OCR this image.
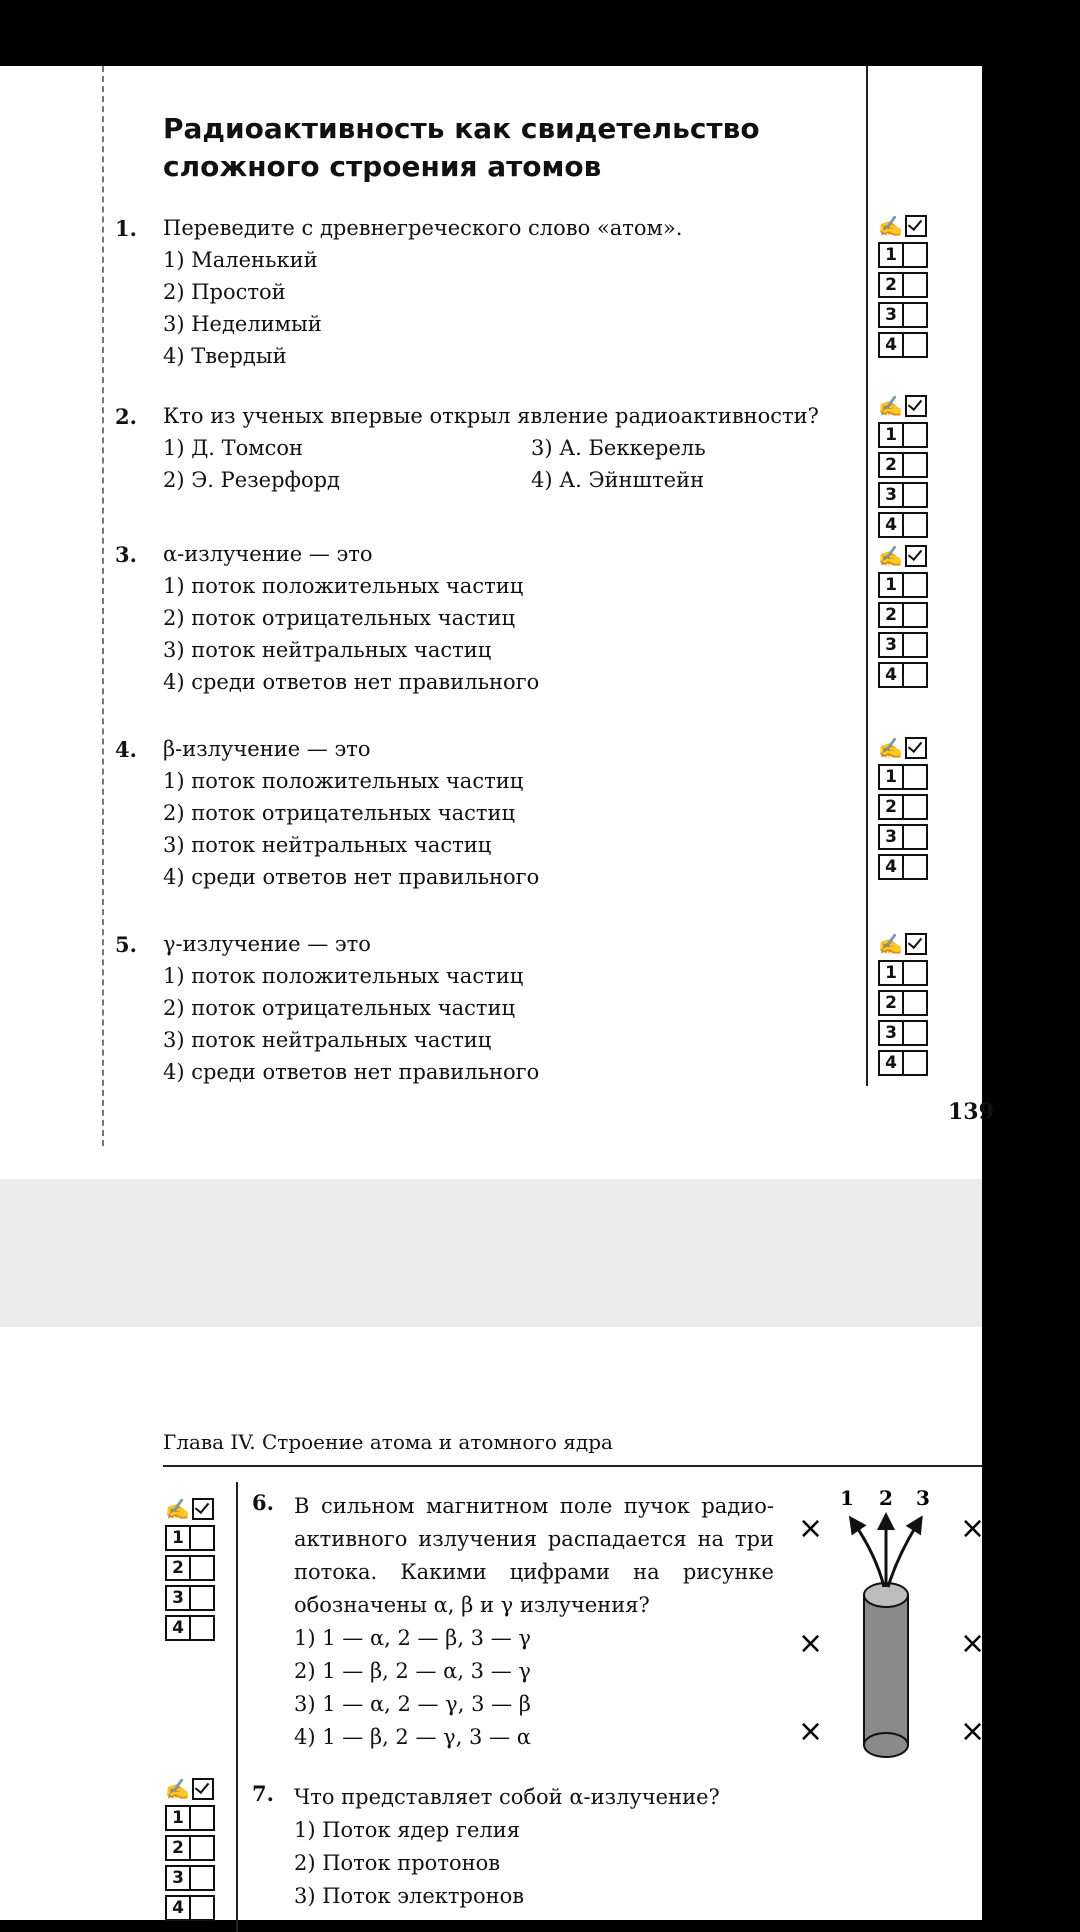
Радиоактивность как свидетельство
сложного строения атомов
1.	Переведите с древнегреческого слово «атом».
1) Маленький
2) Простой
3) Неделимый
4) Твердый
2.	Кто из ученых впервые открыл явление радиоактивности?
1) Д. Томсон	3) А. Беккерель
2) Э. Резерфорд	4) А. Эйнштейн
3.	α-излучение — это
1) поток положительных частиц
2) поток отрицательных частиц
3) поток нейтральных частиц
4) среди ответов нет правильного
4.	β-излучение — это
1) поток положительных частиц
2) поток отрицательных частиц
3) поток нейтральных частиц
4) среди ответов нет правильного
5.	γ-излучение — это
1) поток положительных частиц
2) поток отрицательных частиц
3) поток нейтральных частиц
4) среди ответов нет правильного
✍
1
2
3
4
✍
1
2
3
4
✍
1
2
3
4
✍
1
2
3
4
✍
1
2
3
4
139
Глава IV. Строение атома и атомного ядра
✍
1
2
3
4
✍
1
2
3
4
6. В сильном магнитном поле пучок радио-
активного излучения распадается на три
потока. Какими цифрами на рисунке
обозначены α, β и γ излучения?
1) 1 — α, 2 — β, 3 — γ
2) 1 — β, 2 — α, 3 — γ
3) 1 — α, 2 — γ, 3 — β
4) 1 — β, 2 — γ, 3 — α
7. Что представляет собой α-излучение?
1) Поток ядер гелия
2) Поток протонов
3) Поток электронов
×
×
×
×
×
×
1 2 3
